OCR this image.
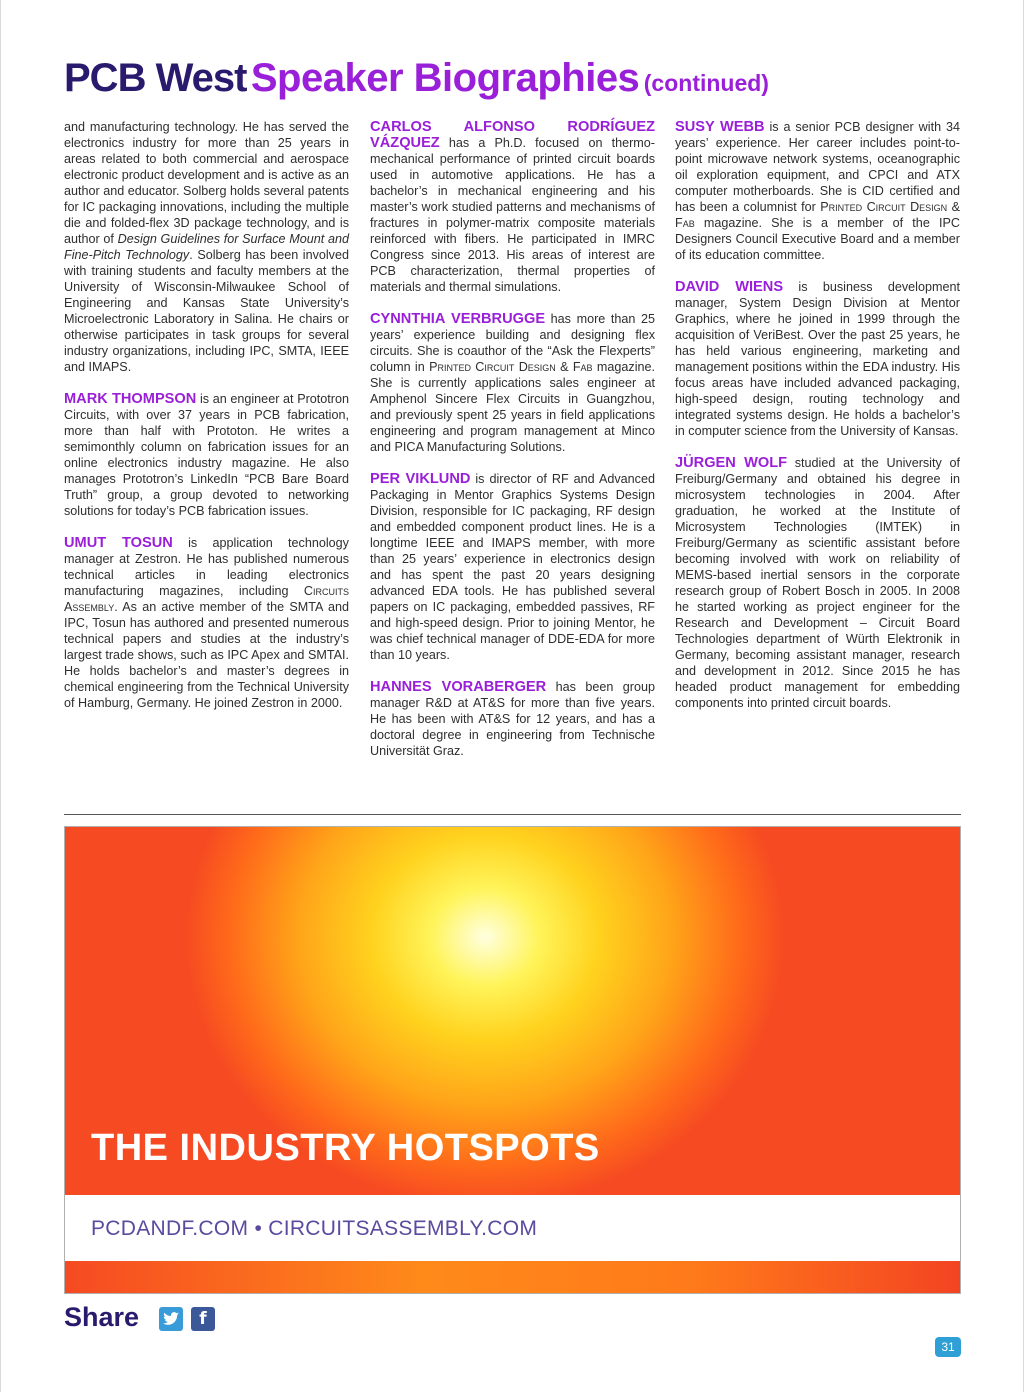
PCB West Speaker Biographies (continued)

and manufacturing technology. He has served the electronics industry for more than 25 years in areas related to both commercial and aerospace electronic product development and is active as an author and educator. Solberg holds several patents for IC packaging innovations, including the multiple die and folded-flex 3D package technology, and is author of Design Guidelines for Surface Mount and Fine-Pitch Technology. Solberg has been involved with training students and faculty members at the University of Wisconsin-Milwaukee School of Engineering and Kansas State University’s Microelectronic Laboratory in Salina. He chairs or otherwise participates in task groups for several industry organizations, including IPC, SMTA, IEEE and IMAPS.

MARK THOMPSON is an engineer at Prototron Circuits, with over 37 years in PCB fabrication, more than half with Prototon. He writes a semimonthly column on fabrication issues for an online electronics industry magazine. He also manages Prototron’s LinkedIn “PCB Bare Board Truth” group, a group devoted to networking solutions for today’s PCB fabrication issues.

UMUT TOSUN is application technology manager at Zestron. He has published numerous technical articles in leading electronics manufacturing magazines, including Circuits Assembly. As an active member of the SMTA and IPC, Tosun has authored and presented numerous technical papers and studies at the industry’s largest trade shows, such as IPC Apex and SMTAI. He holds bachelor’s and master’s degrees in chemical engineering from the Technical University of Hamburg, Germany. He joined Zestron in 2000.

CARLOS ALFONSO RODRÍGUEZ VÁZQUEZ has a Ph.D. focused on thermo-mechanical performance of printed circuit boards used in automotive applications. He has a bachelor’s in mechanical engineering and his master’s work studied patterns and mechanisms of fractures in polymer-matrix composite materials reinforced with fibers. He participated in IMRC Congress since 2013. His areas of interest are PCB characterization, thermal properties of materials and thermal simulations.

CYNNTHIA VERBRUGGE has more than 25 years’ experience building and designing flex circuits. She is coauthor of the “Ask the Flexperts” column in Printed Circuit Design & Fab magazine. She is currently applications sales engineer at Amphenol Sincere Flex Circuits in Guangzhou, and previously spent 25 years in field applications engineering and program management at Minco and PICA Manufacturing Solutions.

PER VIKLUND is director of RF and Advanced Packaging in Mentor Graphics Systems Design Division, responsible for IC packaging, RF design and embedded component product lines. He is a longtime IEEE and IMAPS member, with more than 25 years’ experience in electronics design and has spent the past 20 years designing advanced EDA tools. He has published several papers on IC packaging, embedded passives, RF and high-speed design. Prior to joining Mentor, he was chief technical manager of DDE-EDA for more than 10 years.

HANNES VORABERGER has been group manager R&D at AT&S for more than five years. He has been with AT&S for 12 years, and has a doctoral degree in engineering from Technische Universität Graz.

SUSY WEBB is a senior PCB designer with 34 years’ experience. Her career includes point-to-point microwave network systems, oceanographic oil exploration equipment, and CPCI and ATX computer motherboards. She is CID certified and has been a columnist for Printed Circuit Design & Fab magazine. She is a member of the IPC Designers Council Executive Board and a member of its education committee.

DAVID WIENS is business development manager, System Design Division at Mentor Graphics, where he joined in 1999 through the acquisition of VeriBest. Over the past 25 years, he has held various engineering, marketing and management positions within the EDA industry. His focus areas have included advanced packaging, high-speed design, routing technology and integrated systems design. He holds a bachelor’s in computer science from the University of Kansas.

JÜRGEN WOLF studied at the University of Freiburg/Germany and obtained his degree in microsystem technologies in 2004. After graduation, he worked at the Institute of Microsystem Technologies (IMTEK) in Freiburg/Germany as scientific assistant before becoming involved with work on reliability of MEMS-based inertial sensors in the corporate research group of Robert Bosch in 2005. In 2008 he started working as project engineer for the Research and Development – Circuit Board Technologies department of Würth Elektronik in Germany, becoming assistant manager, research and development in 2012. Since 2015 he has headed product management for embedding components into printed circuit boards.

THE INDUSTRY HOTSPOTS
PCDANDF.COM • CIRCUITSASSEMBLY.COM
Share	f
31
